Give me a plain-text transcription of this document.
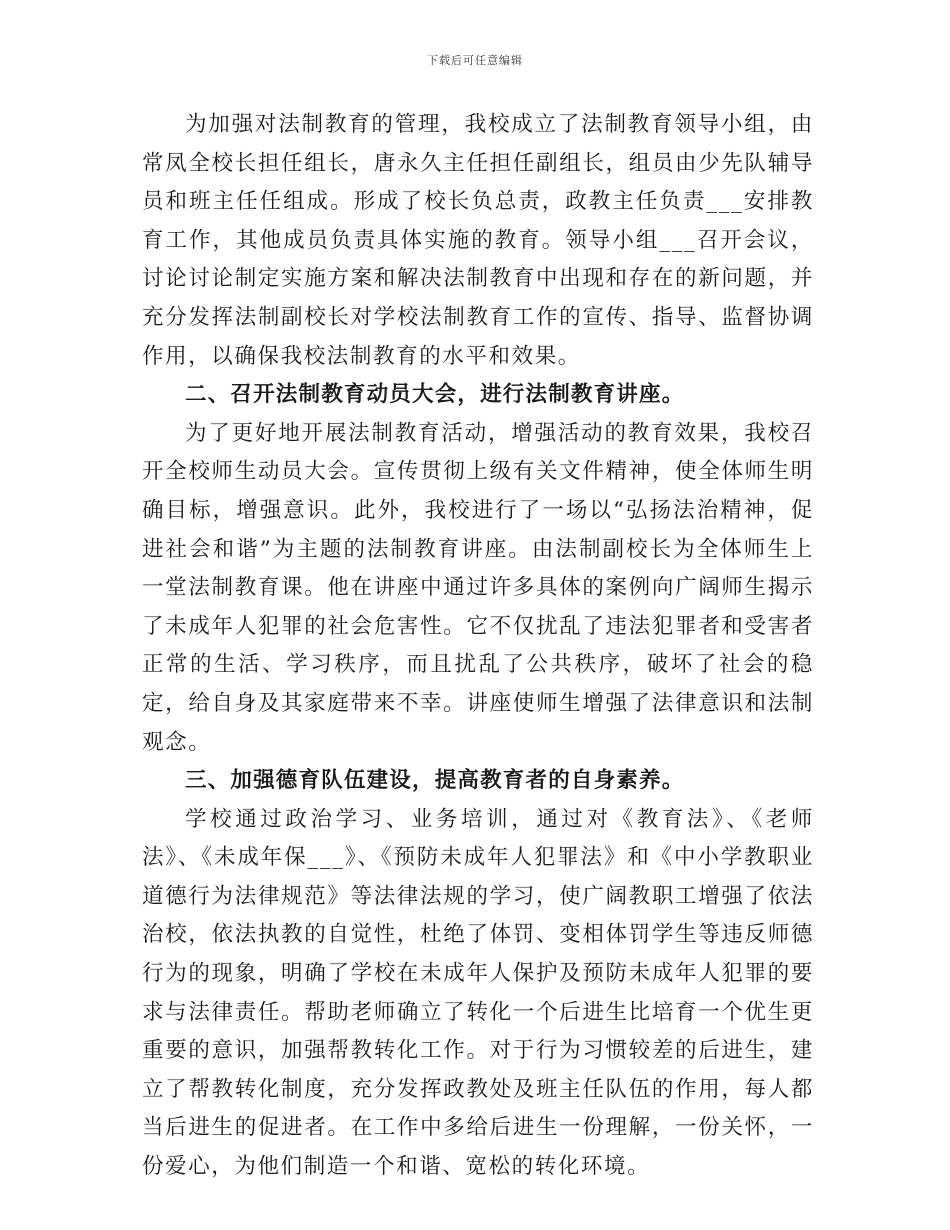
下载后可任意编辑

为加强对法制教育的管理，我校成立了法制教育领导小组，由常凤全校长担任组长，唐永久主任担任副组长，组员由少先队辅导员和班主任任组成。形成了校长负总责，政教主任负责___安排教育工作，其他成员负责具体实施的教育。领导小组___召开会议，讨论讨论制定实施方案和解决法制教育中出现和存在的新问题，并充分发挥法制副校长对学校法制教育工作的宣传、指导、监督协调作用，以确保我校法制教育的水平和效果。

二、召开法制教育动员大会，进行法制教育讲座。

为了更好地开展法制教育活动，增强活动的教育效果，我校召开全校师生动员大会。宣传贯彻上级有关文件精神，使全体师生明确目标，增强意识。此外，我校进行了一场以“弘扬法治精神，促进社会和谐”为主题的法制教育讲座。由法制副校长为全体师生上一堂法制教育课。他在讲座中通过许多具体的案例向广阔师生揭示了未成年人犯罪的社会危害性。它不仅扰乱了违法犯罪者和受害者正常的生活、学习秩序，而且扰乱了公共秩序，破坏了社会的稳定，给自身及其家庭带来不幸。讲座使师生增强了法律意识和法制观念。

三、加强德育队伍建设，提高教育者的自身素养。

学校通过政治学习、业务培训，通过对《教育法》、《老师法》、《未成年保___》、《预防未成年人犯罪法》和《中小学教职业道德行为法律规范》等法律法规的学习，使广阔教职工增强了依法治校，依法执教的自觉性，杜绝了体罚、变相体罚学生等违反师德行为的现象，明确了学校在未成年人保护及预防未成年人犯罪的要求与法律责任。帮助老师确立了转化一个后进生比培育一个优生更重要的意识，加强帮教转化工作。对于行为习惯较差的后进生，建立了帮教转化制度，充分发挥政教处及班主任队伍的作用，每人都当后进生的促进者。在工作中多给后进生一份理解，一份关怀，一份爱心，为他们制造一个和谐、宽松的转化环境。
